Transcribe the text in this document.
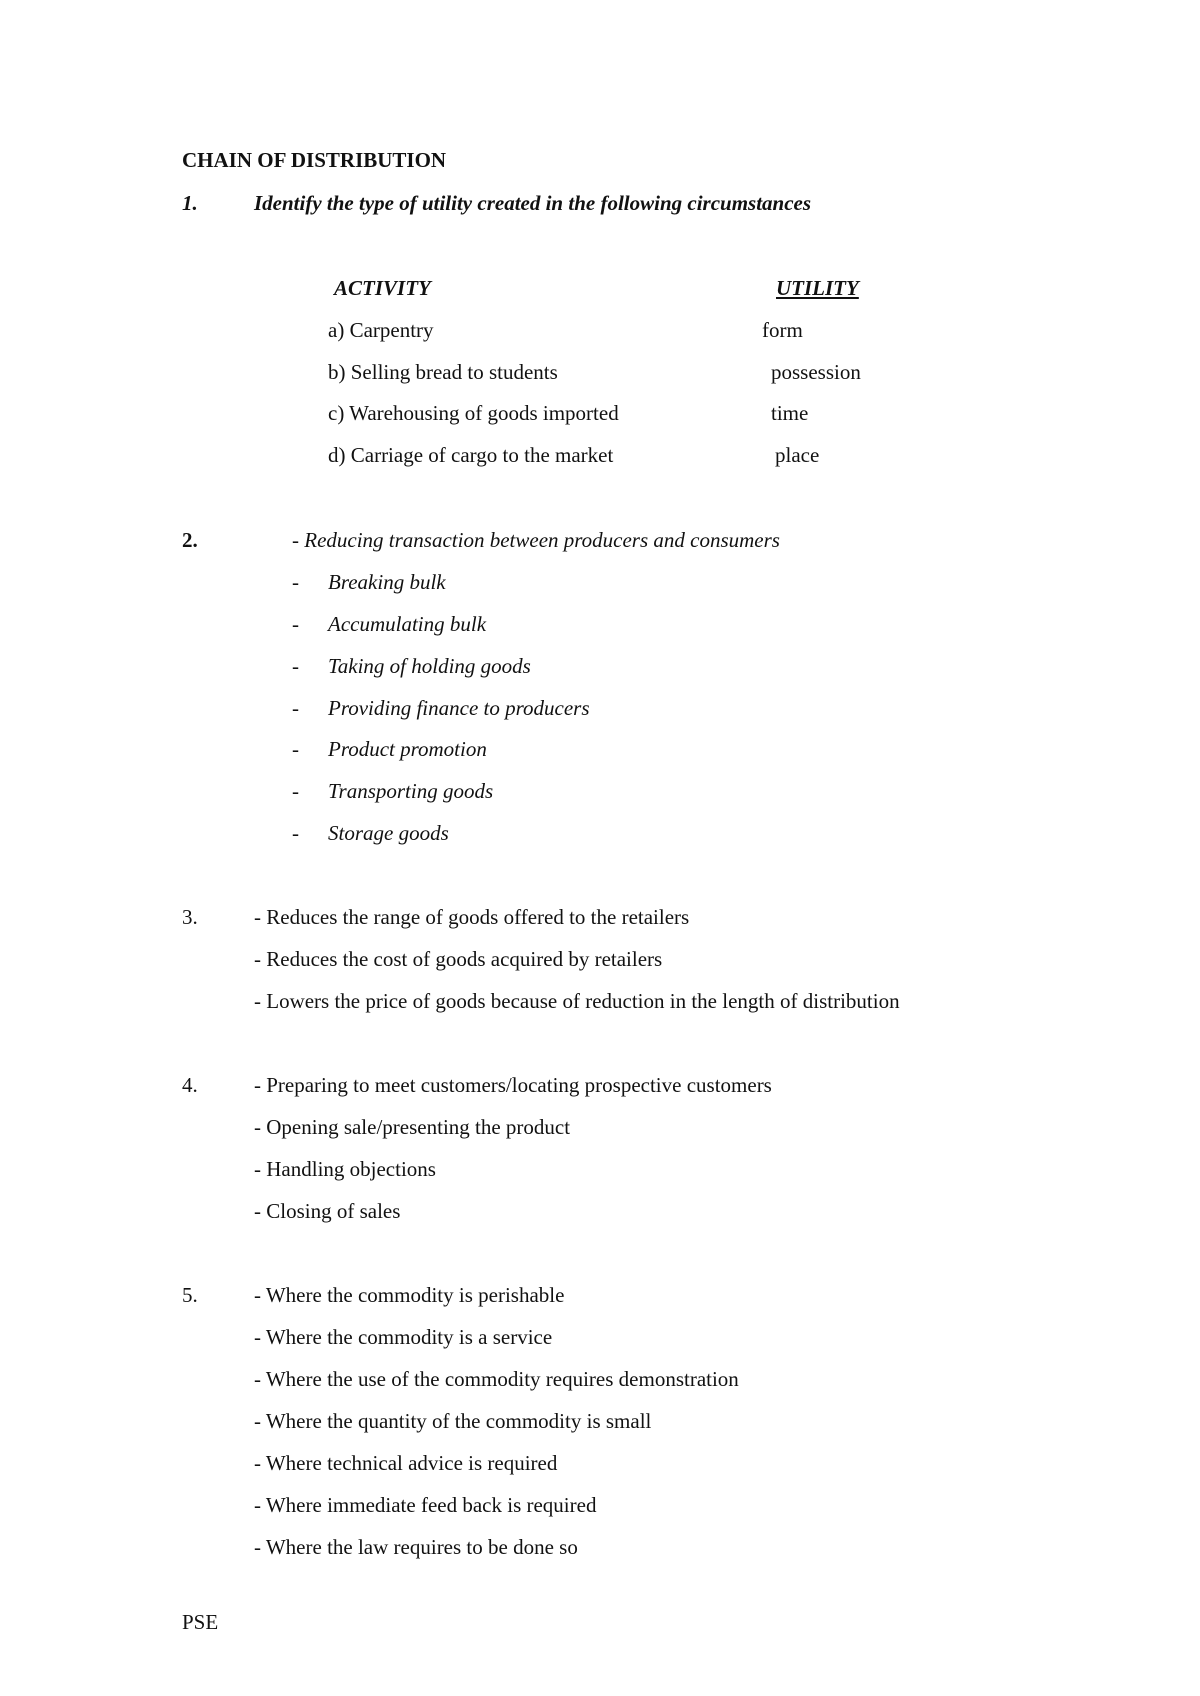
CHAIN OF DISTRIBUTION
1.	Identify the type of utility created in the following circumstances
ACTIVITY	UTILITY
a) Carpentry	form
b) Selling bread to students	possession
c) Warehousing of goods imported	time
d) Carriage of cargo to the market	place
2.	- Reducing transaction between producers and consumers
- Breaking bulk
- Accumulating bulk
- Taking of holding goods
- Providing finance to producers
- Product promotion
- Transporting goods
- Storage goods
3.	- Reduces the range of goods offered to the retailers
- Reduces the cost of goods acquired by retailers
- Lowers the price of goods because of reduction in the length of distribution
4.	- Preparing to meet customers/locating prospective customers
- Opening sale/presenting the product
- Handling objections
- Closing of sales
5.	- Where the commodity is perishable
- Where the commodity is a service
- Where the use of the commodity requires demonstration
- Where the quantity of the commodity is small
- Where technical advice is required
- Where immediate feed back is required
- Where the law requires to be done so
PSE
